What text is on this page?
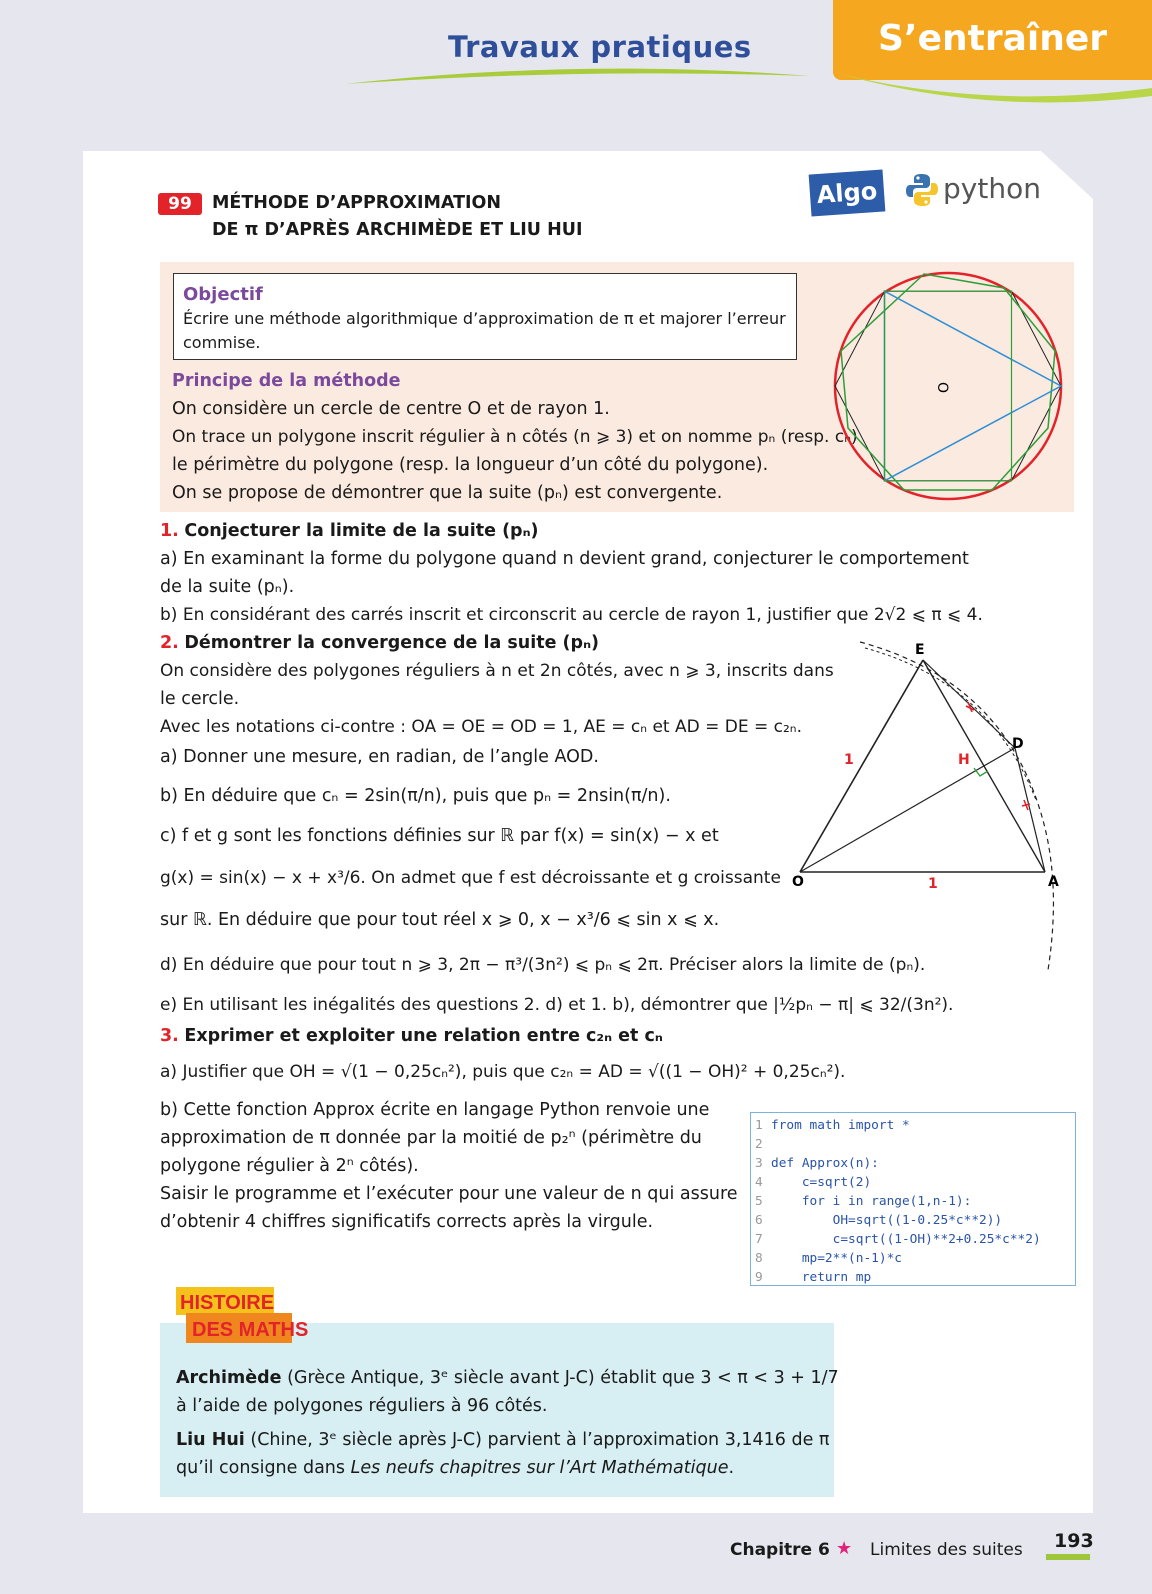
Travaux pratiques	S’entraîner
99	MÉTHODE D’APPROXIMATION
DE π D’APRÈS ARCHIMÈDE ET LIU HUI
Algo python
Objectif
Écrire une méthode algorithmique d’approximation de π et majorer l’erreur
commise.
Principe de la méthode
On considère un cercle de centre O et de rayon 1.
On trace un polygone inscrit régulier à n côtés (n ⩾ 3) et on nomme pₙ (resp. cₙ)
le périmètre du polygone (resp. la longueur d’un côté du polygone).
On se propose de démontrer que la suite (pₙ) est convergente.
O
1. Conjecturer la limite de la suite (pₙ)
a) En examinant la forme du polygone quand n devient grand, conjecturer le comportement
de la suite (pₙ).
b) En considérant des carrés inscrit et circonscrit au cercle de rayon 1, justifier que 2√2 ⩽ π ⩽ 4.
2. Démontrer la convergence de la suite (pₙ)
On considère des polygones réguliers à n et 2n côtés, avec n ⩾ 3, inscrits dans
le cercle.
Avec les notations ci-contre : OA = OE = OD = 1, AE = cₙ et AD = DE = c₂ₙ.
a) Donner une mesure, en radian, de l’angle AOD.
b) En déduire que cₙ = 2sin(π/n), puis que pₙ = 2nsin(π/n).
c) f et g sont les fonctions définies sur ℝ par f(x) = sin(x) − x et
g(x) = sin(x) − x + x³/6. On admet que f est décroissante et g croissante
sur ℝ. En déduire que pour tout réel x ⩾ 0, x − x³/6 ⩽ sin x ⩽ x.
d) En déduire que pour tout n ⩾ 3, 2π − π³/(3n²) ⩽ pₙ ⩽ 2π. Préciser alors la limite de (pₙ).
e) En utilisant les inégalités des questions 2. d) et 1. b), démontrer que |½pₙ − π| ⩽ 32/(3n²).
E
D
H
O	A
1
1
3. Exprimer et exploiter une relation entre c₂ₙ et cₙ
a) Justifier que OH = √(1 − 0,25cₙ²), puis que c₂ₙ = AD = √((1 − OH)² + 0,25cₙ²).
b) Cette fonction Approx écrite en langage Python renvoie une
approximation de π donnée par la moitié de p₂ⁿ (périmètre du
polygone régulier à 2ⁿ côtés).
Saisir le programme et l’exécuter pour une valeur de n qui assure
d’obtenir 4 chiffres significatifs corrects après la virgule.
1 from math import *
2
3 def Approx(n):
4    c=sqrt(2)
5    for i in range(1,n-1):
6        OH=sqrt((1-0.25*c**2))
7        c=sqrt((1-OH)**2+0.25*c**2)
8    mp=2**(n-1)*c
9    return mp
HISTOIRE
DES MATHS
Archimède (Grèce Antique, 3ᵉ siècle avant J-C) établit que 3 < π < 3 + 1/7
à l’aide de polygones réguliers à 96 côtés.
Liu Hui (Chine, 3ᵉ siècle après J-C) parvient à l’approximation 3,1416 de π
qu’il consigne dans Les neufs chapitres sur l’Art Mathématique.
Chapitre 6 ★ Limites des suites 193
